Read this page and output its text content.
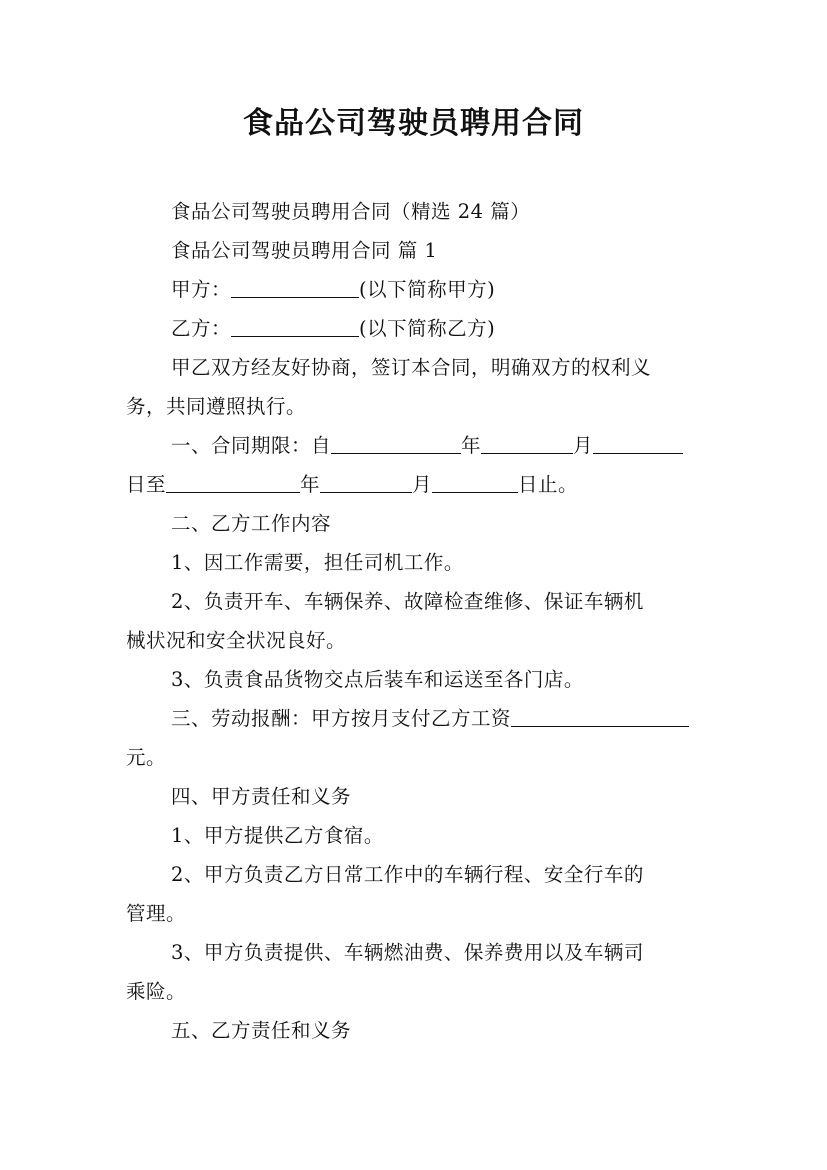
食品公司驾驶员聘用合同
食品公司驾驶员聘用合同（精选 24 篇）
食品公司驾驶员聘用合同 篇 1
甲方：	(以下简称甲方)
乙方：	(以下简称乙方)
甲乙双方经友好协商，签订本合同，明确双方的权利义
务，共同遵照执行。
一、合同期限：自	年	月
日至	年	月	日止。
二、乙方工作内容
1、因工作需要，担任司机工作。
2、负责开车、车辆保养、故障检查维修、保证车辆机
械状况和安全状况良好。
3、负责食品货物交点后装车和运送至各门店。
三、劳动报酬：甲方按月支付乙方工资
元。
四、甲方责任和义务
1、甲方提供乙方食宿。
2、甲方负责乙方日常工作中的车辆行程、安全行车的
管理。
3、甲方负责提供、车辆燃油费、保养费用以及车辆司
乘险。
五、乙方责任和义务
